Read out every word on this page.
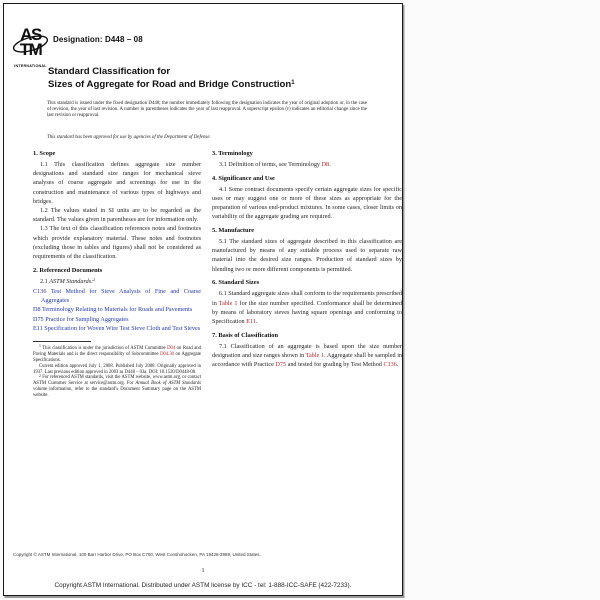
AS
TM
INTERNATIONAL
Designation: D448 – 08
Standard Classification for
Sizes of Aggregate for Road and Bridge Construction$^1$
This standard is issued under the fixed designation D448; the number immediately following the designation indicates the year of original adoption or, in the case of revision, the year of last revision. A number in parentheses indicates the year of last reapproval. A superscript epsilon (ε) indicates an editorial change since the last revision or reapproval.
This standard has been approved for use by agencies of the Department of Defense.
1. Scope

1.1 This classification defines aggregate size number designations and standard size ranges for mechanical sieve analyses of coarse aggregate and screenings for use in the construction and maintenance of various types of highways and bridges.

1.2 The values stated in SI units are to be regarded as the standard. The values given in parentheses are for information only.

1.3 The text of this classification references notes and footnotes which provide explanatory material. These notes and footnotes (excluding those in tables and figures) shall not be considered as requirements of the classification.

2. Referenced Documents

2.1 ASTM Standards:$^2$

C136 Test Method for Sieve Analysis of Fine and Coarse Aggregates

D8 Terminology Relating to Materials for Roads and Pavements

D75 Practice for Sampling Aggregates

E11 Specification for Woven Wire Test Sieve Cloth and Test Sieves

$^1$ This classification is under the jurisdiction of ASTM Committee D04 on Road and Paving Materials and is the direct responsibility of Subcommittee D04.30 on Aggregate Specifications.

Current edition approved July 1, 2008. Published July 2008. Originally approved in 1937. Last previous edition approved in 2003 as D448 – 03a. DOI: 10.1520/D0448-08.

$^2$ For referenced ASTM standards, visit the ASTM website, www.astm.org, or contact ASTM Customer Service at service@astm.org. For Annual Book of ASTM Standards volume information, refer to the standard's Document Summary page on the ASTM website.

3. Terminology

3.1 Definition of terms, see Terminology D8.

4. Significance and Use

4.1 Some contract documents specify certain aggregate sizes for specific uses or may suggest one or more of these sizes as appropriate for the preparation of various end-product mixtures. In some cases, closer limits on variability of the aggregate grading are required.

5. Manufacture

5.1 The standard sizes of aggregate described in this classification are manufactured by means of any suitable process used to separate raw material into the desired size ranges. Production of standard sizes by blending two or more different components is permitted.

6. Standard Sizes

6.1 Standard aggregate sizes shall conform to the requirements prescribed in Table 1 for the size number specified. Conformance shall be determined by means of laboratory sieves having square openings and conforming to Specification E11.

7. Basis of Classification

7.1 Classification of an aggregate is based upon the size number designation and size ranges shown in Table 1. Aggregate shall be sampled in accordance with Practice D75 and tested for grading by Test Method C136.

Copyright © ASTM International, 100 Barr Harbor Drive, PO Box C700, West Conshohocken, PA 19428-2959, United States.
1
Copyright ASTM International. Distributed under ASTM license by ICC - tel: 1-888-ICC-SAFE (422-7233).
